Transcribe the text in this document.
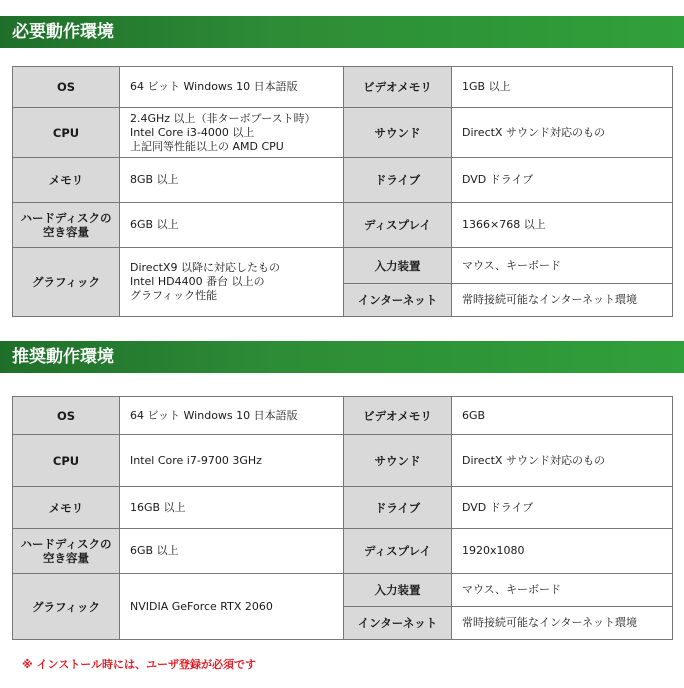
必要動作環境
OS	64 ビット Windows 10 日本語版	ビデオメモリ	1GB 以上
CPU	2.4GHz 以上（非ターボブースト時）
Intel Core i3-4000 以上
上記同等性能以上の AMD CPU	サウンド	DirectX サウンド対応のもの
メモリ	8GB 以上	ドライブ	DVD ドライブ

ハードディスクの
空き容量	6GB 以上	ディスプレイ	1366×768 以上
グラフィック	DirectX9 以降に対応したもの
Intel HD4400 番台 以上の
グラフィック性能	入力装置	マウス、キーボード
		インターネット	常時接続可能なインターネット環境
推奨動作環境
OS	64 ビット Windows 10 日本語版	ビデオメモリ	6GB
CPU	Intel Core i7-9700 3GHz	サウンド	DirectX サウンド対応のもの
メモリ	16GB 以上	ドライブ	DVD ドライブ

ハードディスクの
空き容量	6GB 以上	ディスプレイ	1920x1080
グラフィック	NVIDIA GeForce RTX 2060	入力装置	マウス、キーボード
		インターネット	常時接続可能なインターネット環境
※ インストール時には、ユーザ登録が必須です
